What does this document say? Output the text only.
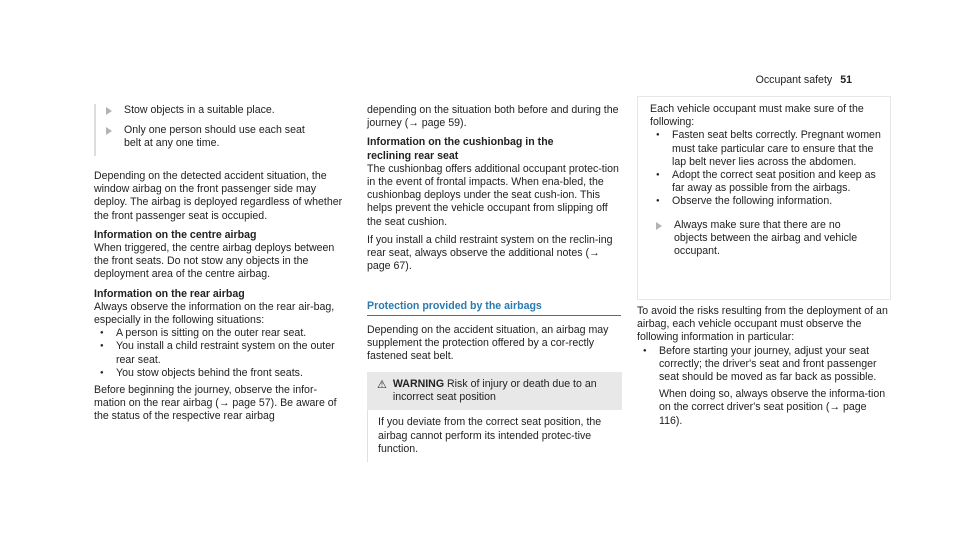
Occupant safety 51

Stow objects in a suitable place.

Only one person should use each seat belt at any one time.

Depending on the detected accident situation, the window airbag on the front passenger side may deploy. The airbag is deployed regardless of whether the front passenger seat is occupied.

Information on the centre airbag

When triggered, the centre airbag deploys between the front seats. Do not stow any objects in the deployment area of the centre airbag.

Information on the rear airbag

Always observe the information on the rear air-bag, especially in the following situations:

● A person is sitting on the outer rear seat.
● You install a child restraint system on the outer rear seat.
● You stow objects behind the front seats.

Before beginning the journey, observe the infor-mation on the rear airbag (→ page 57). Be aware of the status of the respective rear airbag

depending on the situation both before and during the journey (→ page 59).

Information on the cushionbag in the reclining rear seat

The cushionbag offers additional occupant protec-tion in the event of frontal impacts. When ena-bled, the cushionbag deploys under the seat cush-ion. This helps prevent the vehicle occupant from slipping off the seat cushion.

If you install a child restraint system on the reclin-ing rear seat, always observe the additional notes (→ page 67).

Protection provided by the airbags

Depending on the accident situation, an airbag may supplement the protection offered by a cor-rectly fastened seat belt.

⚠ WARNING Risk of injury or death due to an incorrect seat position

If you deviate from the correct seat position, the airbag cannot perform its intended protec-tive function.

Each vehicle occupant must make sure of the following:

● Fasten seat belts correctly. Pregnant women must take particular care to ensure that the lap belt never lies across the abdomen.
● Adopt the correct seat position and keep as far away as possible from the airbags.
● Observe the following information.

Always make sure that there are no objects between the airbag and vehicle occupant.

To avoid the risks resulting from the deployment of an airbag, each vehicle occupant must observe the following information in particular:

● Before starting your journey, adjust your seat correctly; the driver's seat and front passenger seat should be moved as far back as possible.

When doing so, always observe the informa-tion on the correct driver's seat position (→ page 116).
